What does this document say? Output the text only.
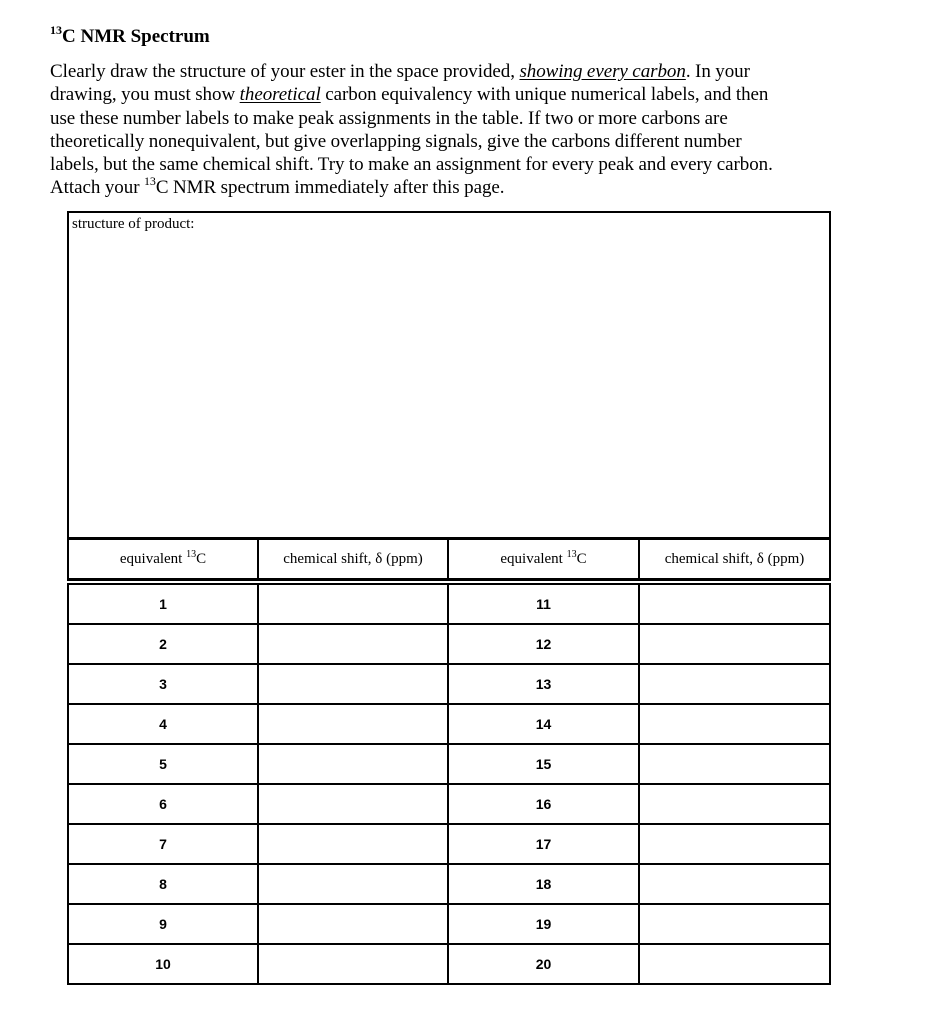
$^{13}$C NMR Spectrum

Clearly draw the structure of your ester in the space provided, showing every carbon. In your
drawing, you must show theoretical carbon equivalency with unique numerical labels, and then
use these number labels to make peak assignments in the table. If two or more carbons are
theoretically nonequivalent, but give overlapping signals, give the carbons different number
labels, but the same chemical shift. Try to make an assignment for every peak and every carbon.
Attach your $^{13}$C NMR spectrum immediately after this page.

structure of product:
equivalent $^{13}$C	chemical shift, δ (ppm)	equivalent $^{13}$C	chemical shift, δ (ppm)

1		11	
2		12	
3		13	
4		14	
5		15	
6		16	
7		17	
8		18	
9		19	
10		20	
